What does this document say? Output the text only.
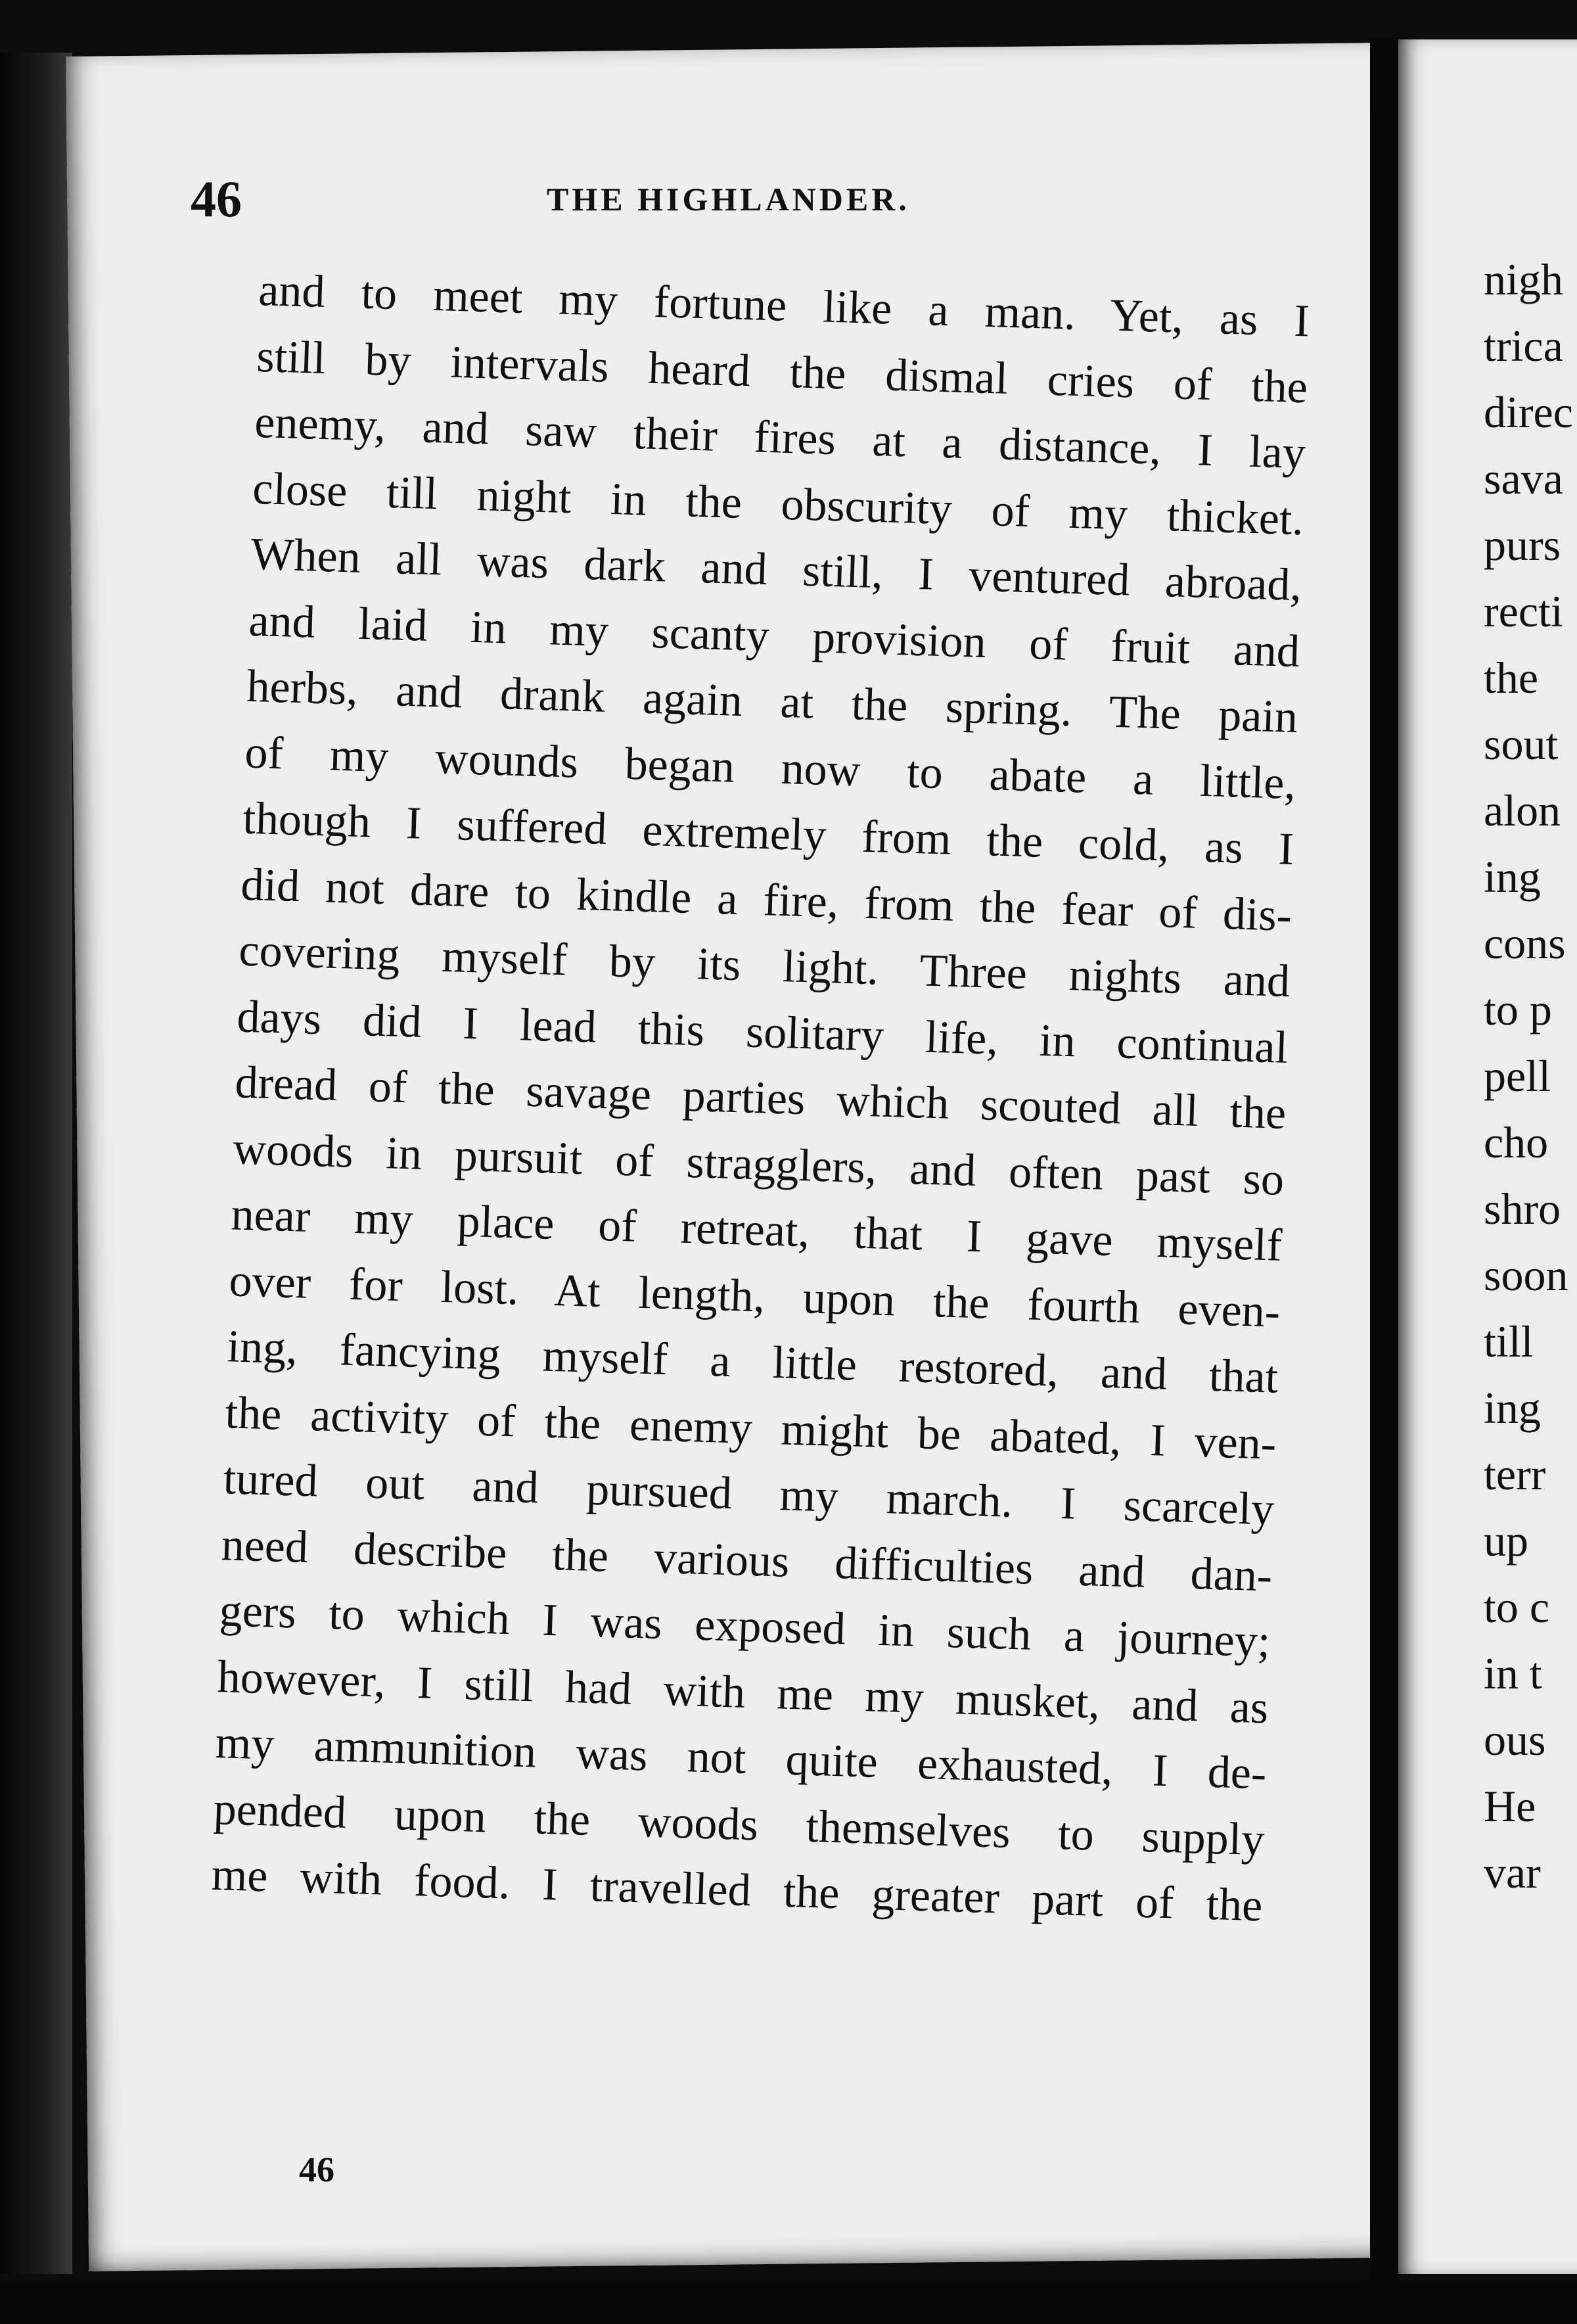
46	THE HIGHLANDER.
and to meet my fortune like a man. Yet, as I
still by intervals heard the dismal cries of the
enemy, and saw their fires at a distance, I lay
close till night in the obscurity of my thicket.
When all was dark and still, I ventured abroad,
and laid in my scanty provision of fruit and
herbs, and drank again at the spring. The pain
of my wounds began now to abate a little,
though I suffered extremely from the cold, as I
did not dare to kindle a fire, from the fear of dis-
covering myself by its light. Three nights and
days did I lead this solitary life, in continual
dread of the savage parties which scouted all the
woods in pursuit of stragglers, and often past so
near my place of retreat, that I gave myself
over for lost. At length, upon the fourth even-
ing, fancying myself a little restored, and that
the activity of the enemy might be abated, I ven-
tured out and pursued my march. I scarcely
need describe the various difficulties and dan-
gers to which I was exposed in such a journey;
however, I still had with me my musket, and as
my ammunition was not quite exhausted, I de-
pended upon the woods themselves to supply
me with food. I travelled the greater part of the
nigh
trica
direc
sava
purs
recti
the
sout
alon
ing
cons
to p
pell
cho
shro
soon
till
ing
terr
up
to c
in t
ous
He
var
46
